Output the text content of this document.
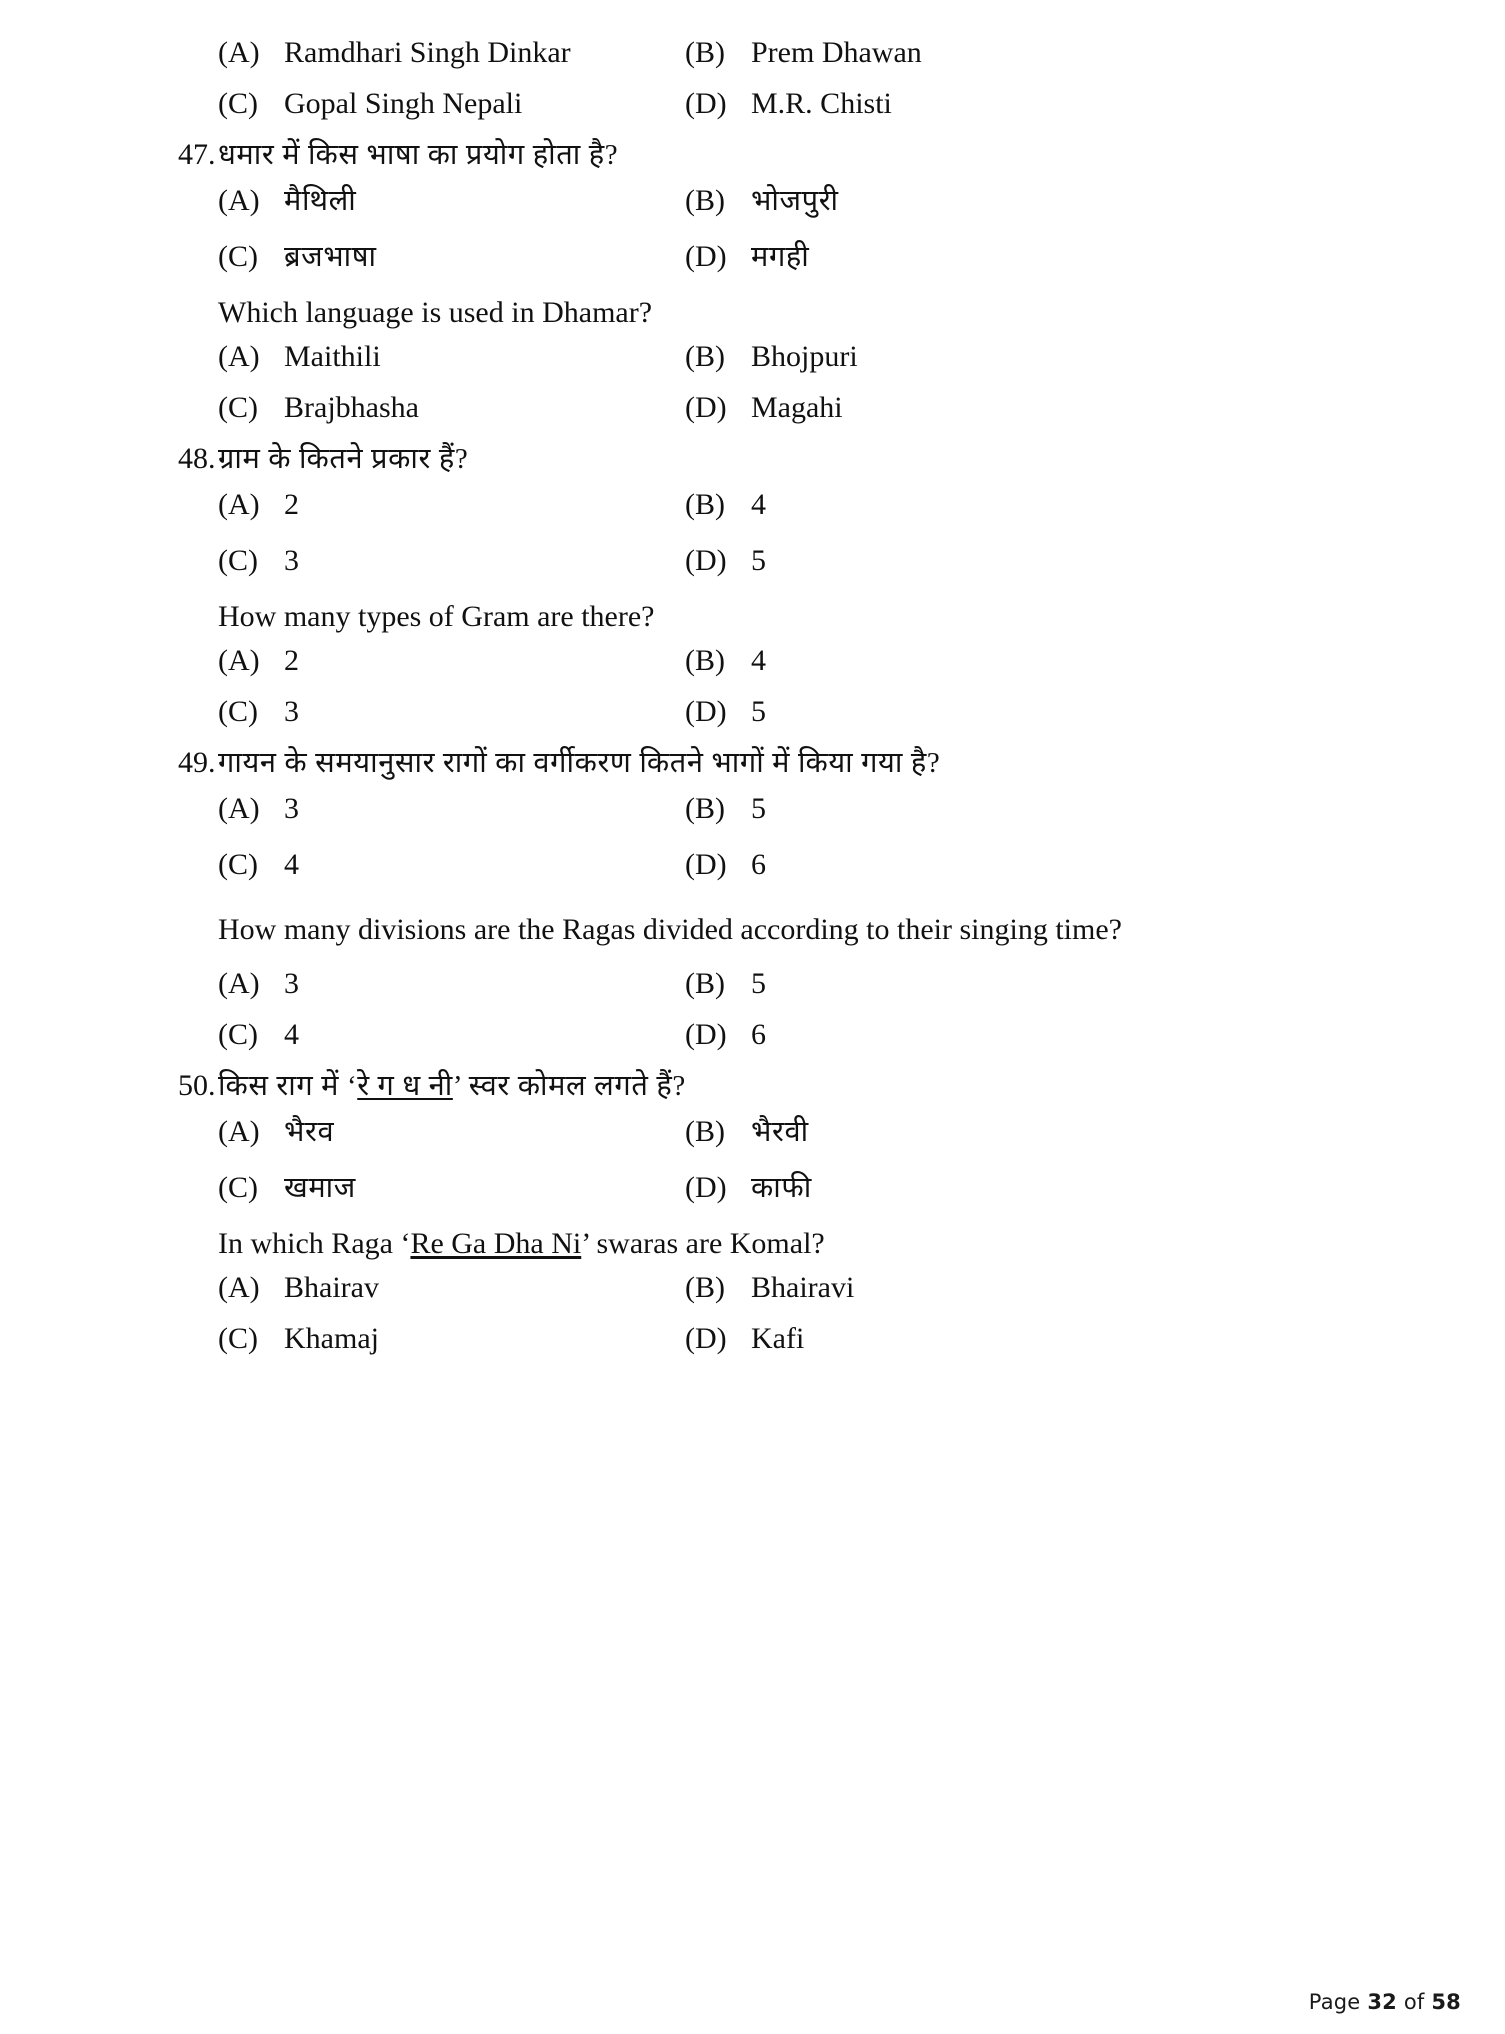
(A) Ramdhari Singh Dinkar	(B) Prem Dhawan
(C) Gopal Singh Nepali	(D) M.R. Chisti
47. धमार में किस भाषा का प्रयोग होता है?
(A) मैथिली	(B) भोजपुरी
(C) ब्रजभाषा	(D) मगही
Which language is used in Dhamar?
(A) Maithili	(B) Bhojpuri
(C) Brajbhasha	(D) Magahi
48. ग्राम के कितने प्रकार हैं?
(A) 2	(B) 4
(C) 3	(D) 5
How many types of Gram are there?
(A) 2	(B) 4
(C) 3	(D) 5
49. गायन के समयानुसार रागों का वर्गीकरण कितने भागों में किया गया है?
(A) 3	(B) 5
(C) 4	(D) 6
How many divisions are the Ragas divided according to their singing time?
(A) 3	(B) 5
(C) 4	(D) 6
50. किस राग में ‘रे ग ध नी’ स्वर कोमल लगते हैं?
(A) भैरव	(B) भैरवी
(C) खमाज	(D) काफी
In which Raga ‘Re Ga Dha Ni’ swaras are Komal?
(A) Bhairav	(B) Bhairavi
(C) Khamaj	(D) Kafi
Page 32 of 58
